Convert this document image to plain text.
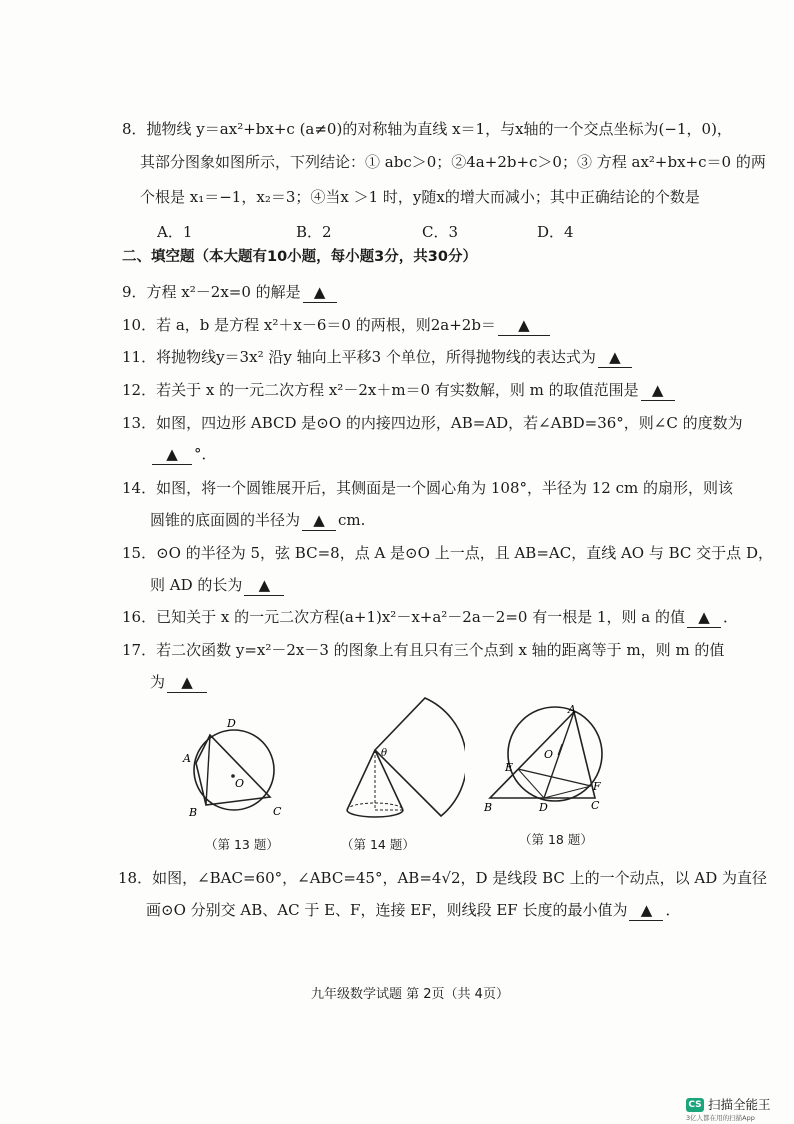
8．抛物线 y＝ax²+bx+c (a≠0)的对称轴为直线 x＝1，与x轴的一个交点坐标为(−1，0)，
其部分图象如图所示，下列结论：① abc＞0；②4a+2b+c＞0；③ 方程 ax²+bx+c＝0 的两
个根是 x₁＝−1，x₂＝3；④当x ＞1 时，y随x的增大而减小；其中正确结论的个数是
A．1	B．2	C．3	D．4
二、填空题（本大题有10小题，每小题3分，共30分）
9．方程 x²－2x=0 的解是 ▲
10．若 a，b 是方程 x²＋x－6＝0 的两根，则2a+2b＝ ▲
11．将抛物线y＝3x² 沿y 轴向上平移3 个单位，所得抛物线的表达式为 ▲
12．若关于 x 的一元二次方程 x²－2x＋m＝0 有实数解，则 m 的取值范围是 ▲
13．如图，四边形 ABCD 是⊙O 的内接四边形，AB=AD，若∠ABD=36°，则∠C 的度数为
▲ °．
14．如图，将一个圆锥展开后，其侧面是一个圆心角为 108°，半径为 12 cm 的扇形，则该
圆锥的底面圆的半径为 ▲ cm.
15．⊙O 的半径为 5，弦 BC=8，点 A 是⊙O 上一点，且 AB=AC，直线 AO 与 BC 交于点 D，
则 AD 的长为 ▲
16．已知关于 x 的一元二次方程(a+1)x²－x+a²－2a－2=0 有一根是 1，则 a 的值 ▲ ．
17．若二次函数 y=x²－2x－3 的图象上有且只有三个点到 x 轴的距离等于 m，则 m 的值
为 ▲
D
A
B	C
O
（第 13 题）
θ
（第 14 题）
A
E
O
F
B	D	C
（第 18 题）
18．如图，∠BAC=60°，∠ABC=45°，AB=4√2，D 是线段 BC 上的一个动点，以 AD 为直径
画⊙O 分别交 AB、AC 于 E、F，连接 EF，则线段 EF 长度的最小值为 ▲ ．
九年级数学试题 第 2页（共 4页）
CS 扫描全能王
3亿人都在用的扫描App
